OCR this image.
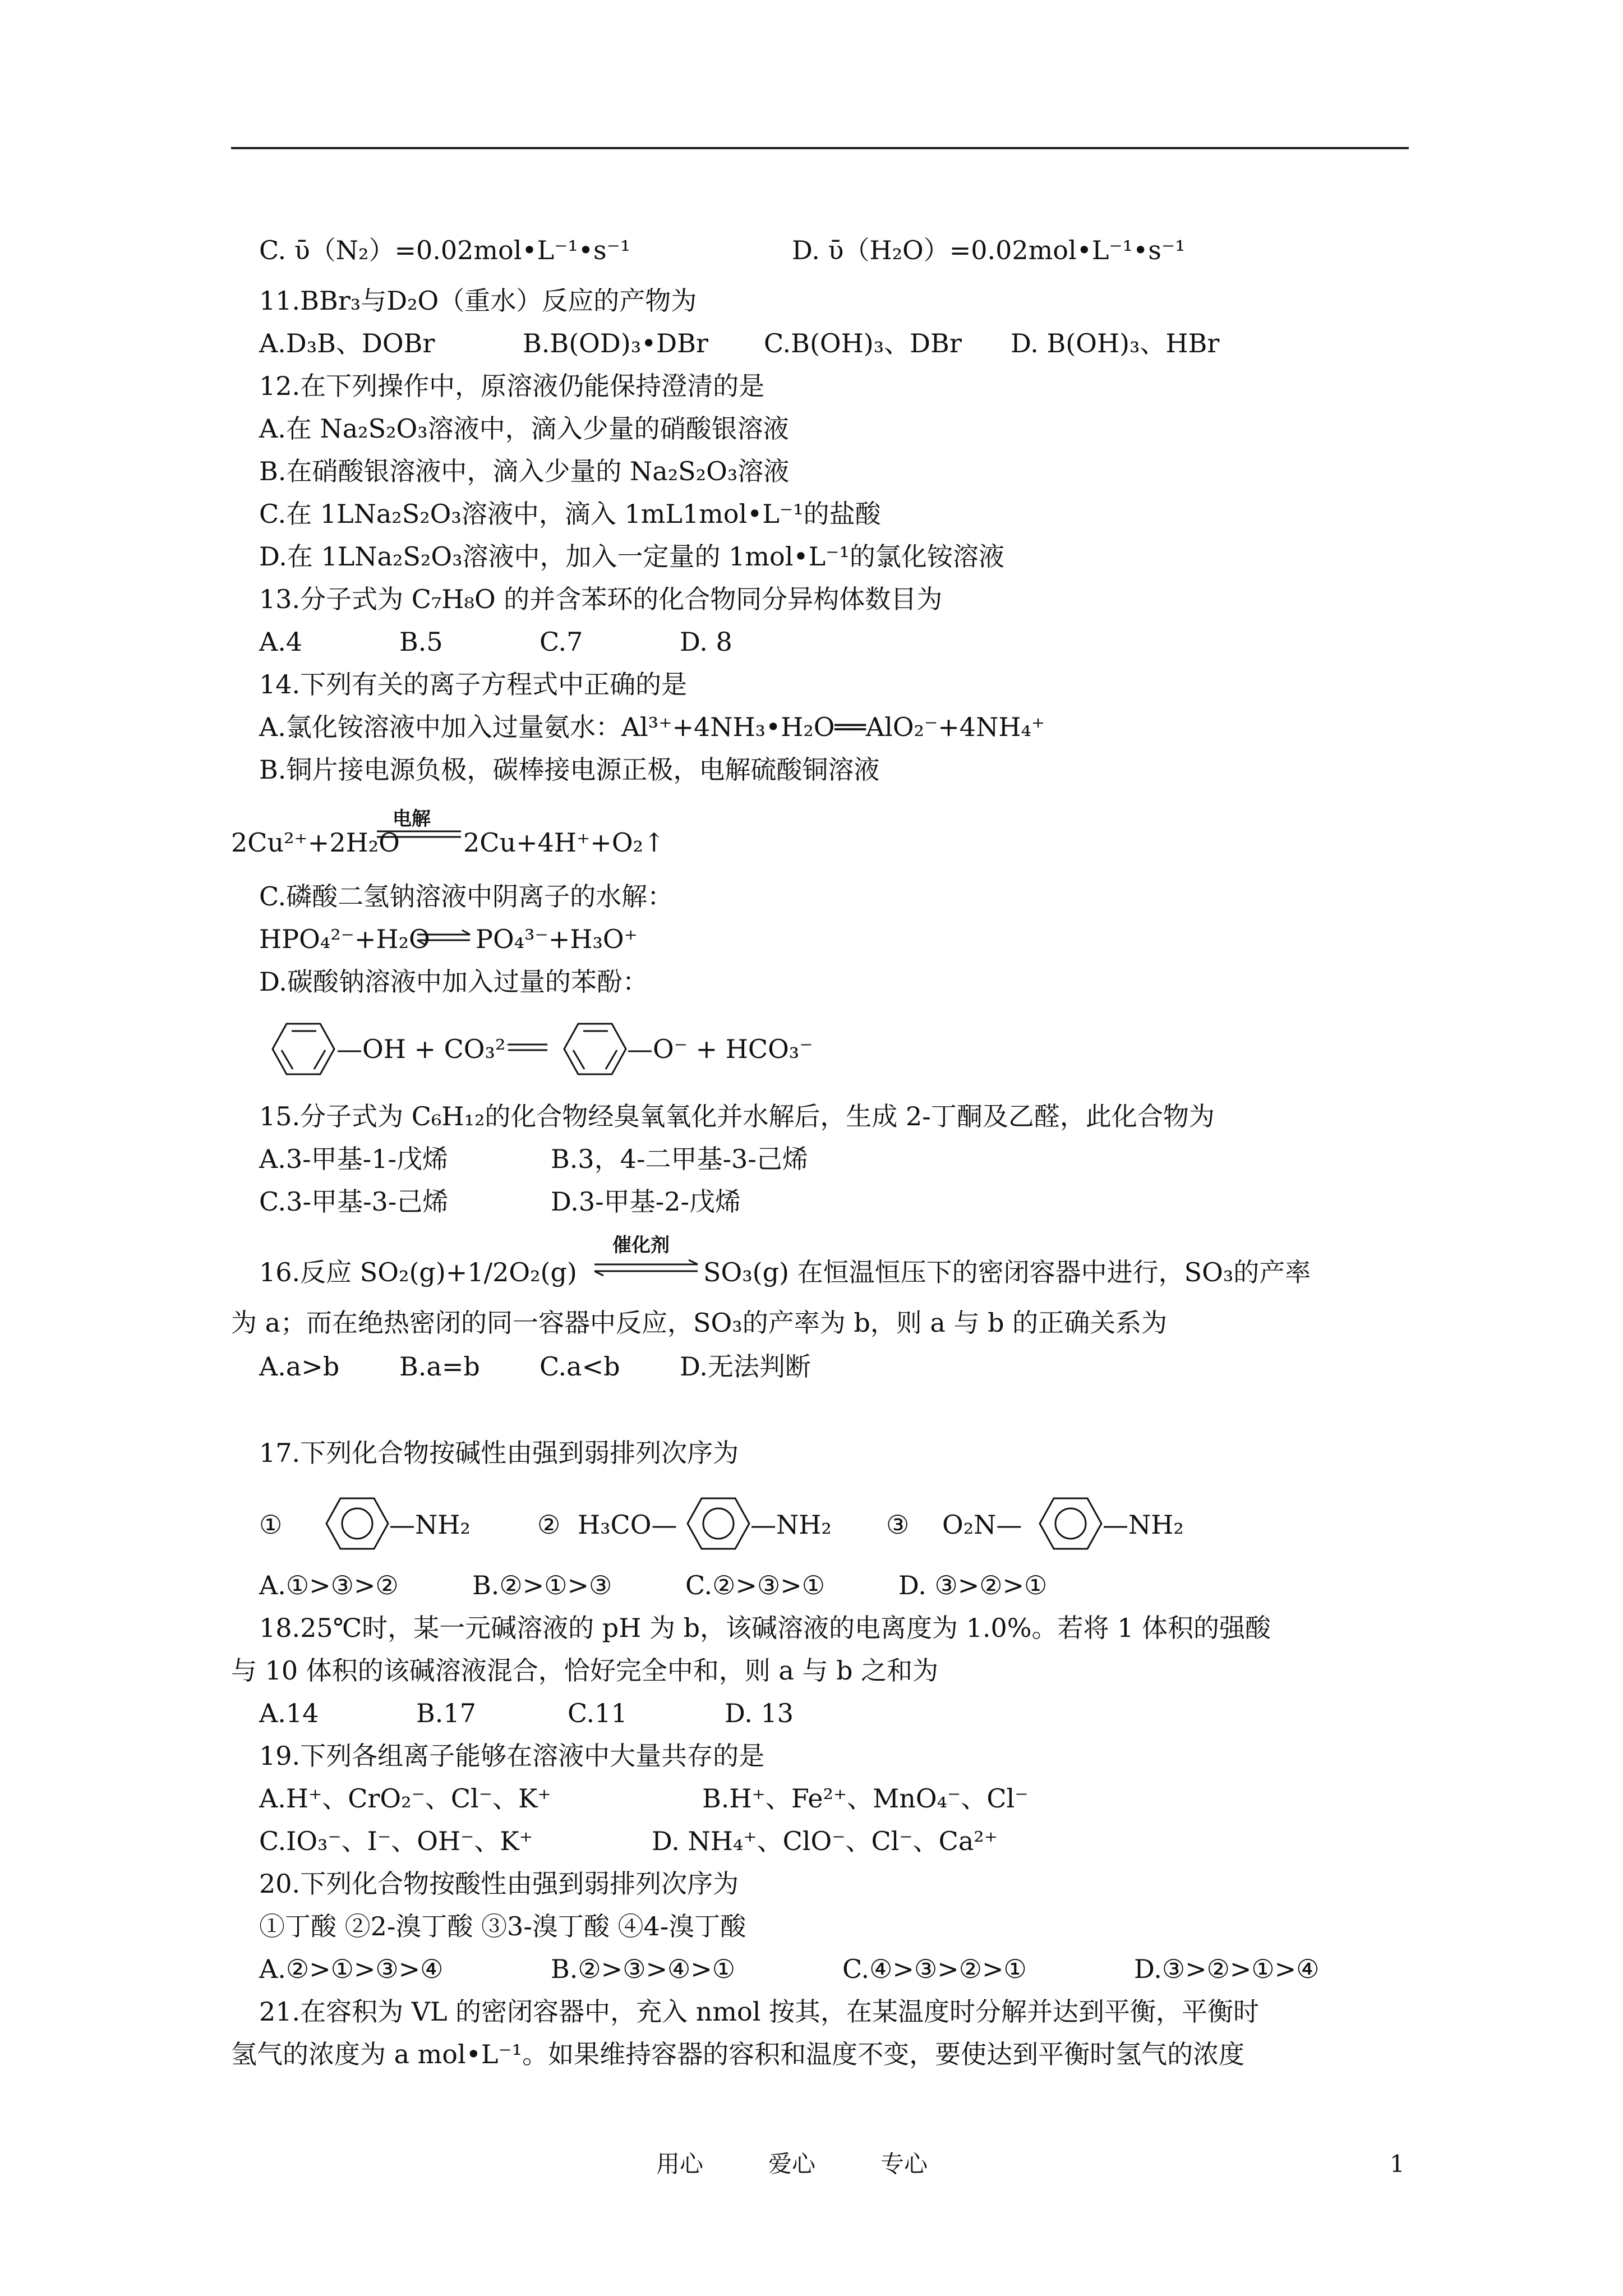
C. ῡ（N₂）=0.02mol•L⁻¹•s⁻¹	D. ῡ（H₂O）=0.02mol•L⁻¹•s⁻¹
11.BBr₃与D₂O（重水）反应的产物为
A.D₃B、DOBr	B.B(OD)₃•DBr C.B(OH)₃、DBr D. B(OH)₃、HBr
12.在下列操作中，原溶液仍能保持澄清的是
A.在 Na₂S₂O₃溶液中，滴入少量的硝酸银溶液
B.在硝酸银溶液中，滴入少量的 Na₂S₂O₃溶液
C.在 1LNa₂S₂O₃溶液中，滴入 1mL1mol•L⁻¹的盐酸
D.在 1LNa₂S₂O₃溶液中，加入一定量的 1mol•L⁻¹的氯化铵溶液
13.分子式为 C₇H₈O 的并含苯环的化合物同分异构体数目为
A.4	B.5	C.7	D. 8
14.下列有关的离子方程式中正确的是
A.氯化铵溶液中加入过量氨水：Al³⁺+4NH₃•H₂O══AlO₂⁻+4NH₄⁺
B.铜片接电源负极，碳棒接电源正极，电解硫酸铜溶液
2Cu²⁺+2H₂O
电解
2Cu+4H⁺+O₂↑
C.磷酸二氢钠溶液中阴离子的水解：
HPO₄²⁻+H₂O PO₄³⁻+H₃O⁺
D.碳酸钠溶液中加入过量的苯酚：
—OH + CO₃²⁻	—O⁻ + HCO₃⁻
15.分子式为 C₆H₁₂的化合物经臭氧氧化并水解后，生成 2-丁酮及乙醛，此化合物为
A.3-甲基-1-戊烯	B.3，4-二甲基-3-己烯
C.3-甲基-3-己烯	D.3-甲基-2-戊烯
16.反应 SO₂(g)+1/2O₂(g)
催化剂
SO₃(g) 在恒温恒压下的密闭容器中进行，SO₃的产率
为 a；而在绝热密闭的同一容器中反应，SO₃的产率为 b，则 a 与 b 的正确关系为
A.a>b B.a=b C.a<b D.无法判断
17.下列化合物按碱性由强到弱排列次序为
①	—NH₂	② H₃CO—	—NH₂ ③ O₂N—	—NH₂
A.①>③>②	B.②>①>③	C.②>③>①	D. ③>②>①
18.25℃时，某一元碱溶液的 pH 为 b，该碱溶液的电离度为 1.0%。若将 1 体积的强酸
与 10 体积的该碱溶液混合，恰好完全中和，则 a 与 b 之和为
A.14	B.17	C.11	D. 13
19.下列各组离子能够在溶液中大量共存的是
A.H⁺、CrO₂⁻、Cl⁻、K⁺	B.H⁺、Fe²⁺、MnO₄⁻、Cl⁻
C.IO₃⁻、I⁻、OH⁻、K⁺	D. NH₄⁺、ClO⁻、Cl⁻、Ca²⁺
20.下列化合物按酸性由强到弱排列次序为
①丁酸 ②2-溴丁酸 ③3-溴丁酸 ④4-溴丁酸
A.②>①>③>④	B.②>③>④>①	C.④>③>②>①	D.③>②>①>④
21.在容积为 VL 的密闭容器中，充入 nmol 按其，在某温度时分解并达到平衡，平衡时
氢气的浓度为 a mol•L⁻¹。如果维持容器的容积和温度不变，要使达到平衡时氢气的浓度
用心	爱心	专心	1
